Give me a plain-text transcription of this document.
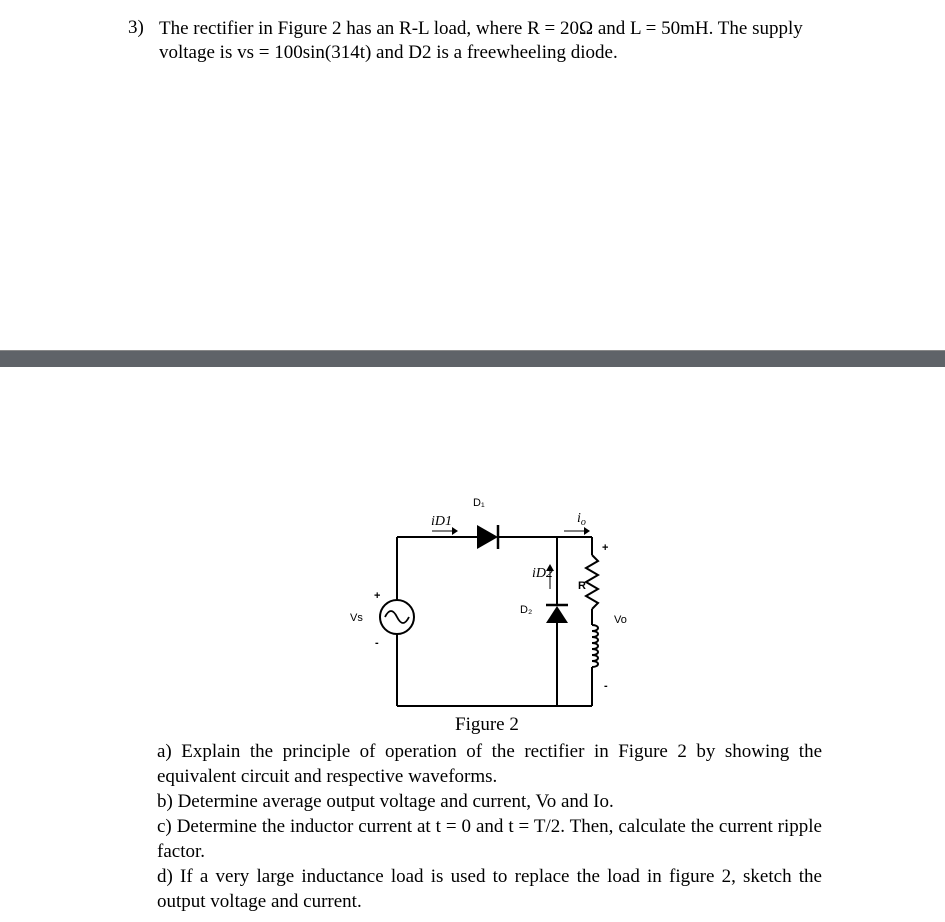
3) The rectifier in Figure 2 has an R-L load, where R = 20Ω and L = 50mH. The supply
voltage is vs = 100sin(314t) and D2 is a freewheeling diode.
D₁
iD1	$i_o$
iD2
D₂
R
Vs	Vo
+
-
+
-
Figure 2
a) Explain the principle of operation of the rectifier in Figure 2 by showing the equivalent circuit and respective waveforms.
b) Determine average output voltage and current, Vo and Io.
c) Determine the inductor current at t = 0 and t = T/2. Then, calculate the current ripple factor.
d) If a very large inductance load is used to replace the load in figure 2, sketch the output voltage and current.
